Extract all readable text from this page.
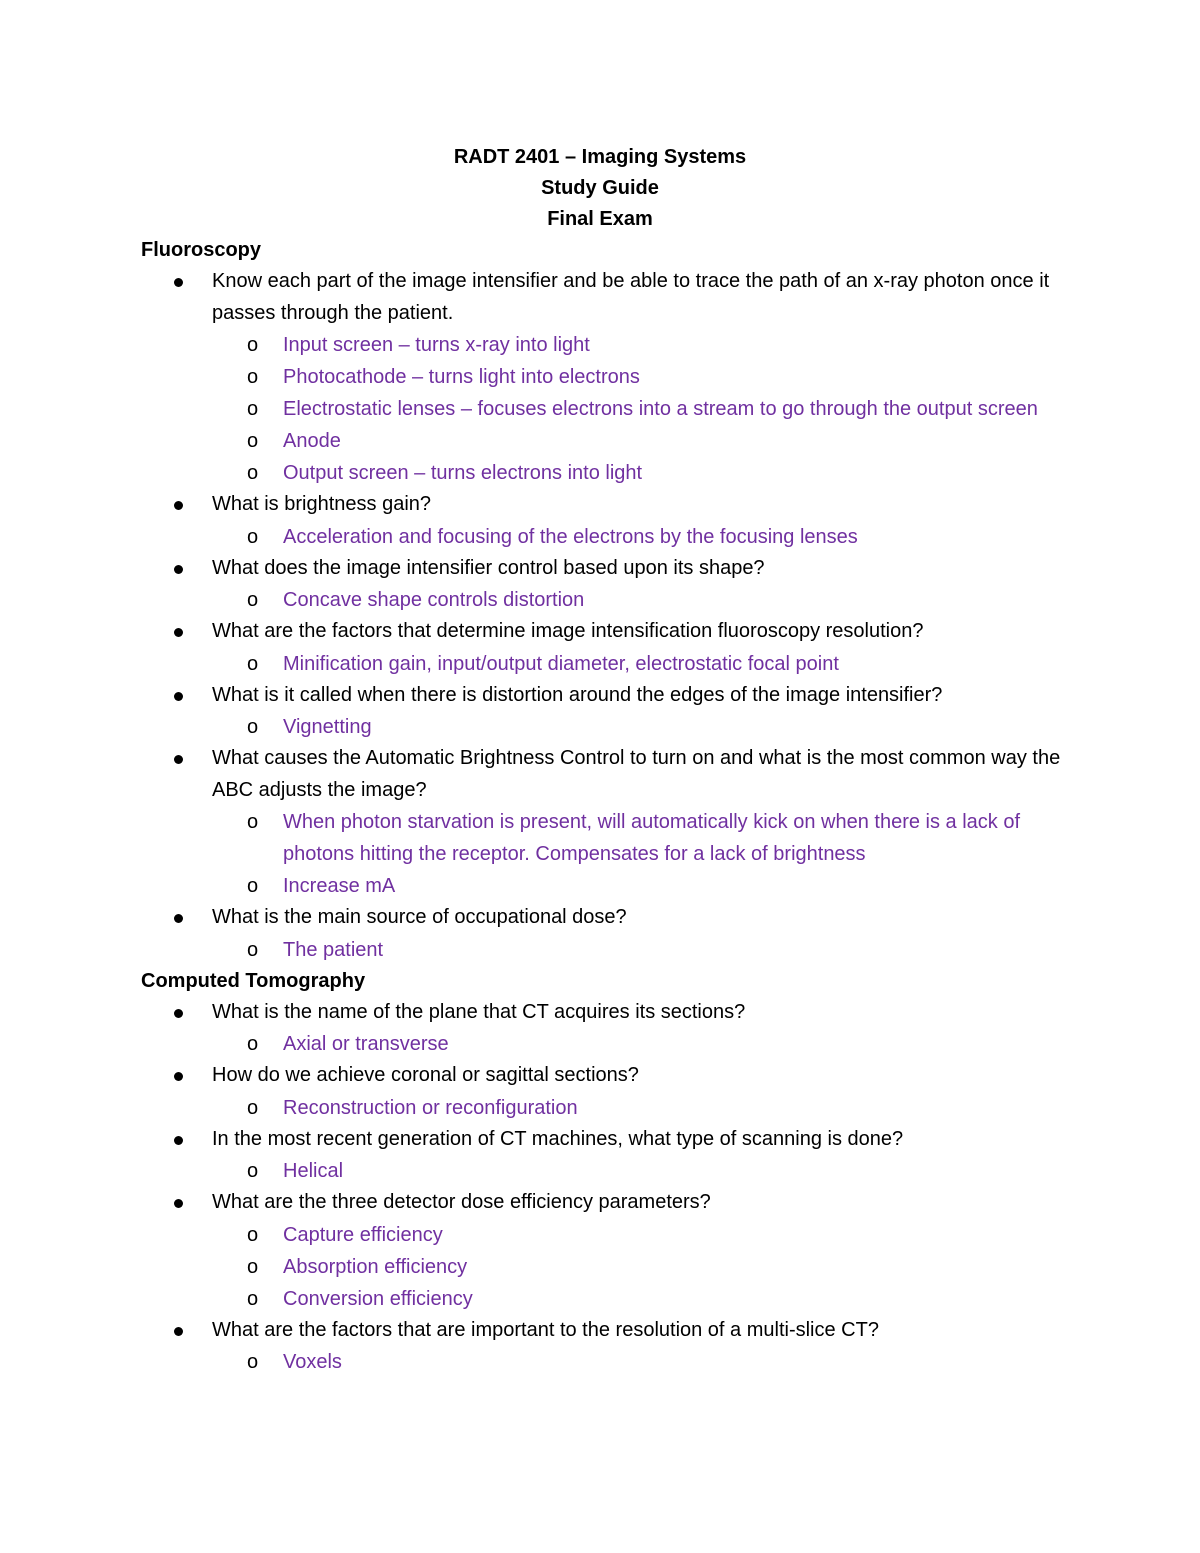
RADT 2401 – Imaging Systems
Study Guide
Final Exam
Fluoroscopy
Know each part of the image intensifier and be able to trace the path of an x-ray photon once it passes through the patient.
o Input screen – turns x-ray into light
o Photocathode – turns light into electrons
o Electrostatic lenses – focuses electrons into a stream to go through the output screen
o Anode
o Output screen – turns electrons into light
What is brightness gain?
o Acceleration and focusing of the electrons by the focusing lenses
What does the image intensifier control based upon its shape?
o Concave shape controls distortion
What are the factors that determine image intensification fluoroscopy resolution?
o Minification gain, input/output diameter, electrostatic focal point
What is it called when there is distortion around the edges of the image intensifier?
o Vignetting
What causes the Automatic Brightness Control to turn on and what is the most common way the ABC adjusts the image?
o When photon starvation is present, will automatically kick on when there is a lack of photons hitting the receptor. Compensates for a lack of brightness
o Increase mA
What is the main source of occupational dose?
o The patient
Computed Tomography
What is the name of the plane that CT acquires its sections?
o Axial or transverse
How do we achieve coronal or sagittal sections?
o Reconstruction or reconfiguration
In the most recent generation of CT machines, what type of scanning is done?
o Helical
What are the three detector dose efficiency parameters?
o Capture efficiency
o Absorption efficiency
o Conversion efficiency
What are the factors that are important to the resolution of a multi-slice CT?
o Voxels
